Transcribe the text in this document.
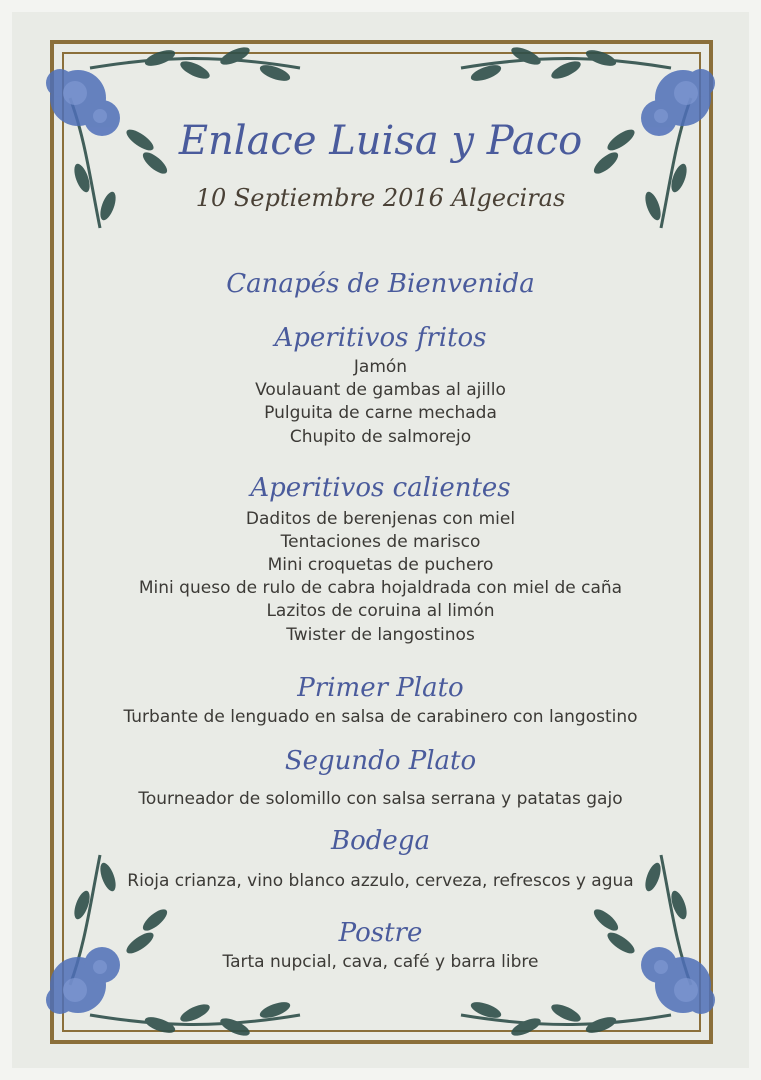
Enlace Luisa y Paco
10 Septiembre 2016 Algeciras
Canapés de Bienvenida
Aperitivos fritos
Jamón
Voulauant de gambas al ajillo
Pulguita de carne mechada
Chupito de salmorejo
Aperitivos calientes
Daditos de berenjenas con miel
Tentaciones de marisco
Mini croquetas de puchero
Mini queso de rulo de cabra hojaldrada con miel de caña
Lazitos de coruina al limón
Twister de langostinos
Primer Plato
Turbante de lenguado en salsa de carabinero con langostino
Segundo Plato
Tourneador de solomillo con salsa serrana y patatas gajo
Bodega
Rioja crianza, vino blanco azzulo, cerveza, refrescos y agua
Postre
Tarta nupcial, cava, café y barra libre
